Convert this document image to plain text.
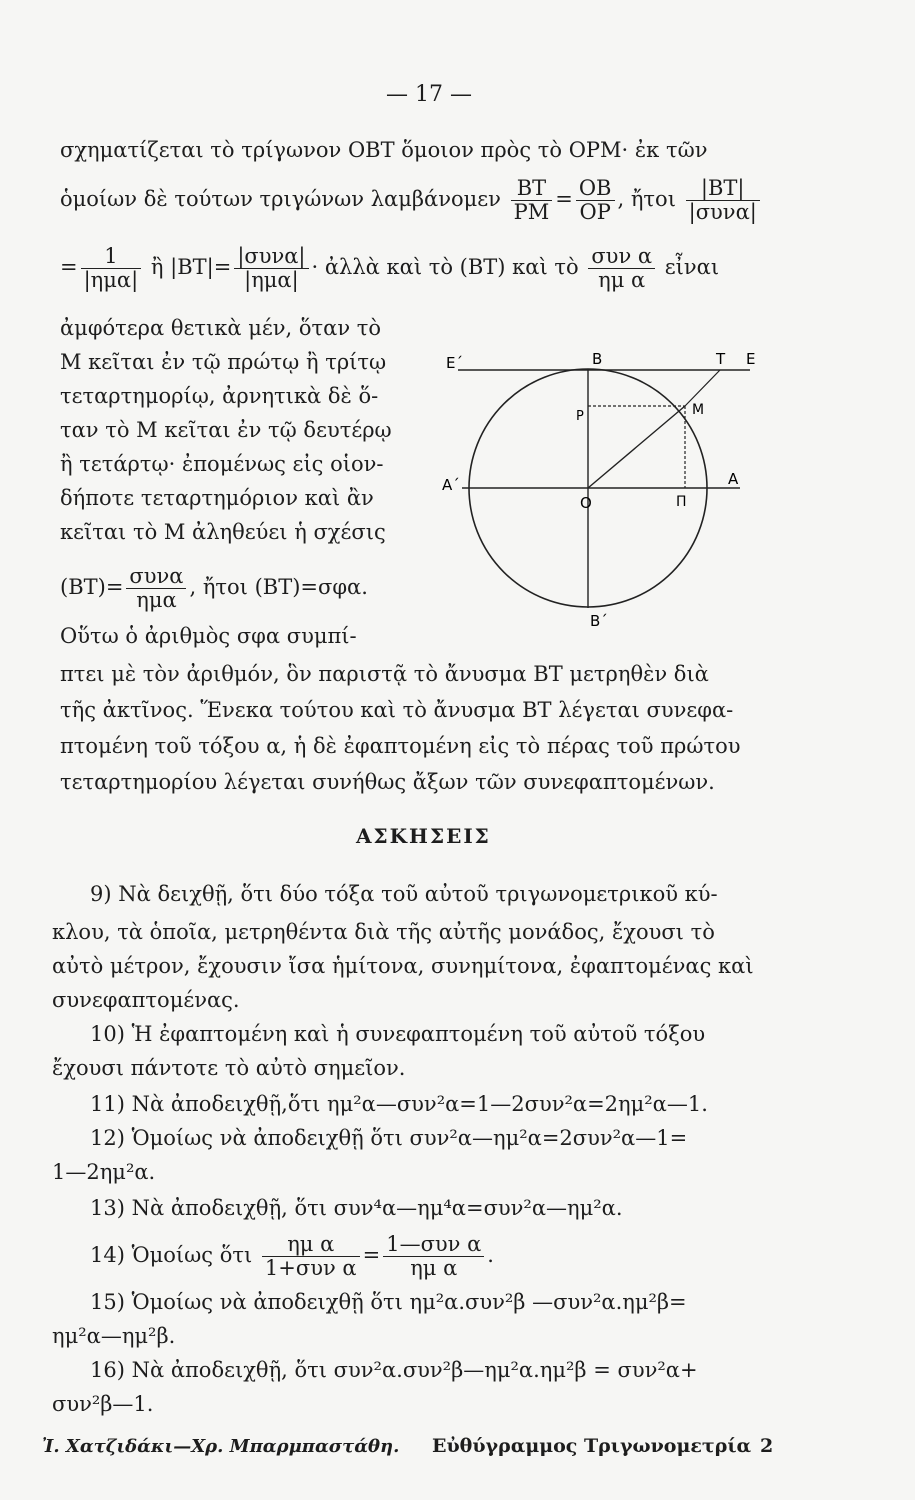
— 17 —
σχηματίζεται τὸ τρίγωνον ΟΒΤ ὅμοιον πρὸς τὸ ΟΡΜ· ἐκ τῶν
ὁμοίων δὲ τούτων τριγώνων λαμβάνομεν $\frac{BT}{PM} = \frac{OB}{OP}$ , ἤτοι $\frac{|BT|}{\text{|συνα|}}$
= $\frac{1}{\text{|ημα|}}$ ἢ $|BT|= \frac{\text{|συνα|}}{\text{|ημα|}}$ · ἀλλὰ καὶ τὸ (ΒΤ) καὶ τὸ $\frac{\text{συν α}}{\text{ημ α}}$ εἶναι
ἀμφότερα θετικὰ μέν, ὅταν τὸ
Μ κεῖται ἐν τῷ πρώτῳ ἢ τρίτῳ
τεταρτημορίῳ, ἀρνητικὰ δὲ ὅ-
ταν τὸ Μ κεῖται ἐν τῷ δευτέρῳ
ἢ τετάρτῳ· ἐπομένως εἰς οἱον-
δήποτε τεταρτημόριον καὶ ἂν
κεῖται τὸ Μ ἀληθεύει ἡ σχέσις
$(BT)= \frac{\text{συνα}}{\text{ημα}}$ , ἤτοι (ΒΤ)=σφα.
Οὕτω ὁ ἀριθμὸς σφα συμπί-
πτει μὲ τὸν ἀριθμόν, ὃν παριστᾷ τὸ ἄνυσμα ΒΤ μετρηθὲν διὰ
τῆς ἀκτῖνος. Ἕνεκα τούτου καὶ τὸ ἄνυσμα ΒΤ λέγεται συνεφα-
πτομένη τοῦ τόξου α, ἡ δὲ ἐφαπτομένη εἰς τὸ πέρας τοῦ πρώτου
τεταρτημορίου λέγεται συνήθως ἄξων τῶν συνεφαπτομένων.
Ε΄	Β	Τ Ε
Ρ	Μ
Α΄
Ο	Π
Α
Β΄
ΑΣΚΗΣΕΙΣ
9) Νὰ δειχθῇ, ὅτι δύο τόξα τοῦ αὐτοῦ τριγωνομετρικοῦ κύ-
κλου, τὰ ὁποῖα, μετρηθέντα διὰ τῆς αὐτῆς μονάδος, ἔχουσι τὸ
αὐτὸ μέτρον, ἔχουσιν ἴσα ἡμίτονα, συνημίτονα, ἐφαπτομένας καὶ
συνεφαπτομένας.
10) Ἡ ἐφαπτομένη καὶ ἡ συνεφαπτομένη τοῦ αὐτοῦ τόξου
ἔχουσι πάντοτε τὸ αὐτὸ σημεῖον.
11) Νὰ ἀποδειχθῇ,ὅτι ημ²α—συν²α=1—2συν²α=2ημ²α—1.
12) Ὁμοίως νὰ ἀποδειχθῇ ὅτι συν²α—ημ²α=2συν²α—1=
1—2ημ²α.
13) Νὰ ἀποδειχθῇ, ὅτι συν⁴α—ημ⁴α=συν²α—ημ²α.
14) Ὁμοίως ὅτι $\frac{\text{ημ α}}{\text{1+συν α}} = \frac{\text{1—συν α}}{\text{ημ α}}$ .
15) Ὁμοίως νὰ ἀποδειχθῇ ὅτι ημ²α.συν²β —συν²α.ημ²β=
ημ²α—ημ²β.
16) Νὰ ἀποδειχθῇ, ὅτι συν²α.συν²β—ημ²α.ημ²β = συν²α+
συν²β—1.
Ἰ. Χατζιδάκι—Χρ. Μπαρμπαστάθη. Εὐθύγραμμος Τριγωνομετρία 2
